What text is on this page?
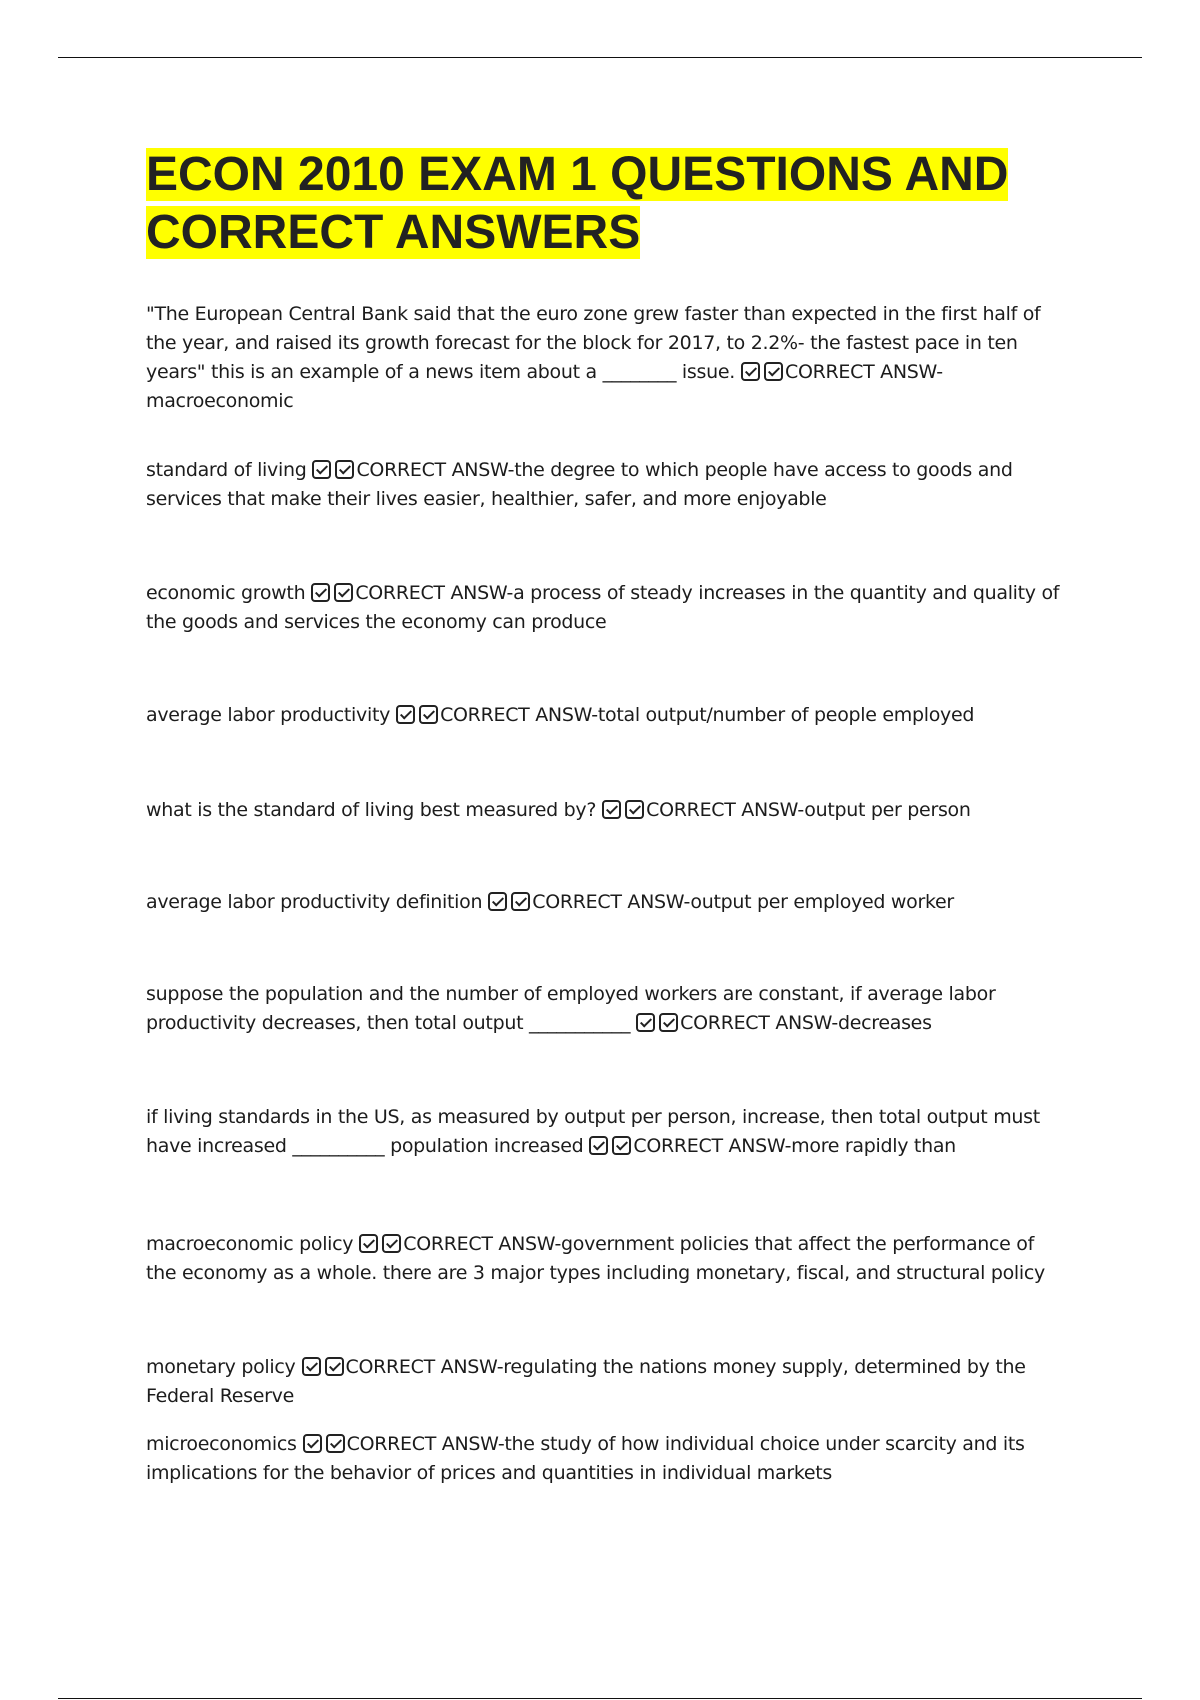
ECON 2010 EXAM 1 QUESTIONS AND CORRECT ANSWERS
"The European Central Bank said that the euro zone grew faster than expected in the first half of the year, and raised its growth forecast for the block for 2017, to 2.2%- the fastest pace in ten years" this is an example of a news item about a ________ issue.	CORRECT ANSW-macroeconomic
standard of living	CORRECT ANSW-the degree to which people have access to goods and services that make their lives easier, healthier, safer, and more enjoyable
economic growth	CORRECT ANSW-a process of steady increases in the quantity and quality of the goods and services the economy can produce
average labor productivity	CORRECT ANSW-total output/number of people employed
what is the standard of living best measured by?	CORRECT ANSW-output per person
average labor productivity definition	CORRECT ANSW-output per employed worker
suppose the population and the number of employed workers are constant, if average labor productivity decreases, then total output ___________	CORRECT ANSW-decreases
if living standards in the US, as measured by output per person, increase, then total output must have increased __________ population increased	CORRECT ANSW-more rapidly than
macroeconomic policy	CORRECT ANSW-government policies that affect the performance of the economy as a whole. there are 3 major types including monetary, fiscal, and structural policy
monetary policy	CORRECT ANSW-regulating the nations money supply, determined by the Federal Reserve
microeconomics	CORRECT ANSW-the study of how individual choice under scarcity and its implications for the behavior of prices and quantities in individual markets
